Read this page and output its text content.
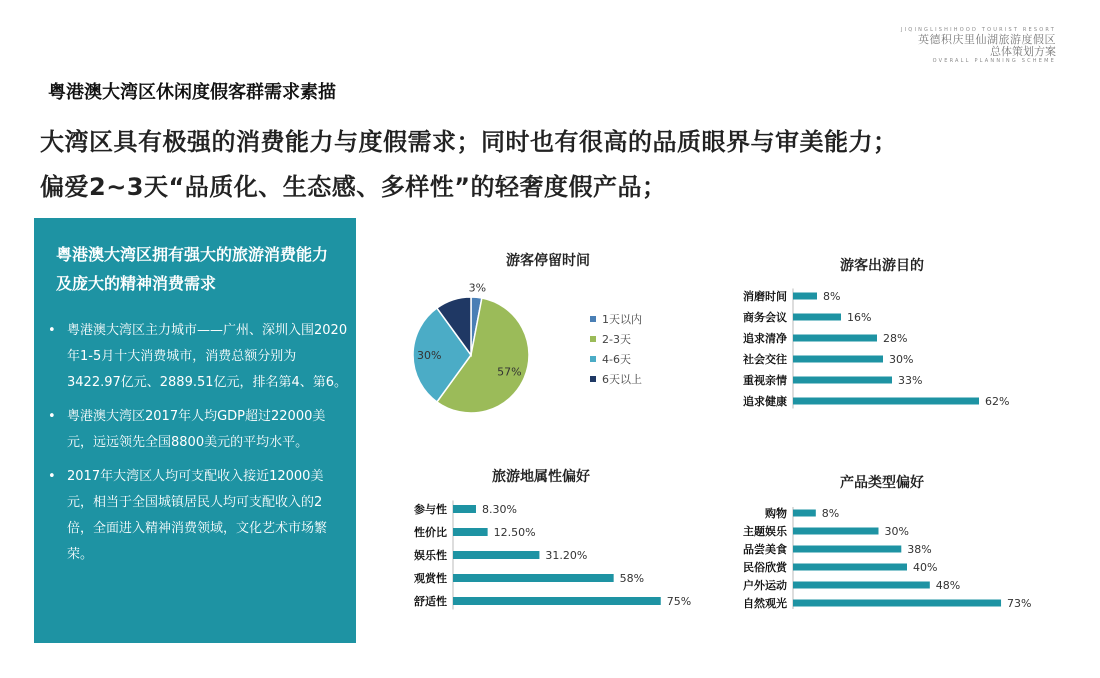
JIQINGLISHIHOOD TOURIST RESORT
英德积庆里仙湖旅游度假区
总体策划方案
OVERALL PLANNING SCHEME
粤港澳大湾区休闲度假客群需求素描
大湾区具有极强的消费能力与度假需求；同时也有很高的品质眼界与审美能力；
偏爱2~3天“品质化、生态感、多样性”的轻奢度假产品；
粤港澳大湾区拥有强大的旅游消费能力及庞大的精神消费需求
• 粤港澳大湾区主力城市——广州、深圳入围2020年1-5月十大消费城市，消费总额分别为3422.97亿元、2889.51亿元，排名第4、第6。
• 粤港澳大湾区2017年人均GDP超过22000美元，远远领先全国8800美元的平均水平。
• 2017年大湾区人均可支配收入接近12000美元，相当于全国城镇居民人均可支配收入的2倍，全面进入精神消费领域，文化艺术市场繁荣。
游客停留时间	游客出游目的
旅游地属性偏好	产品类型偏好
3%
57%
30%
1天以内
2-3天
4-6天
6天以上
消磨时间	8%
商务会议	16%
追求清净	28%
社会交往	30%
重视亲情	33%
追求健康	62%
参与性	8.30%
性价比	12.50%
娱乐性	31.20%
观赏性	58%
舒适性	75%
购物	8%
主题娱乐	30%
品尝美食	38%
民俗欣赏	40%
户外运动	48%
自然观光	73%
